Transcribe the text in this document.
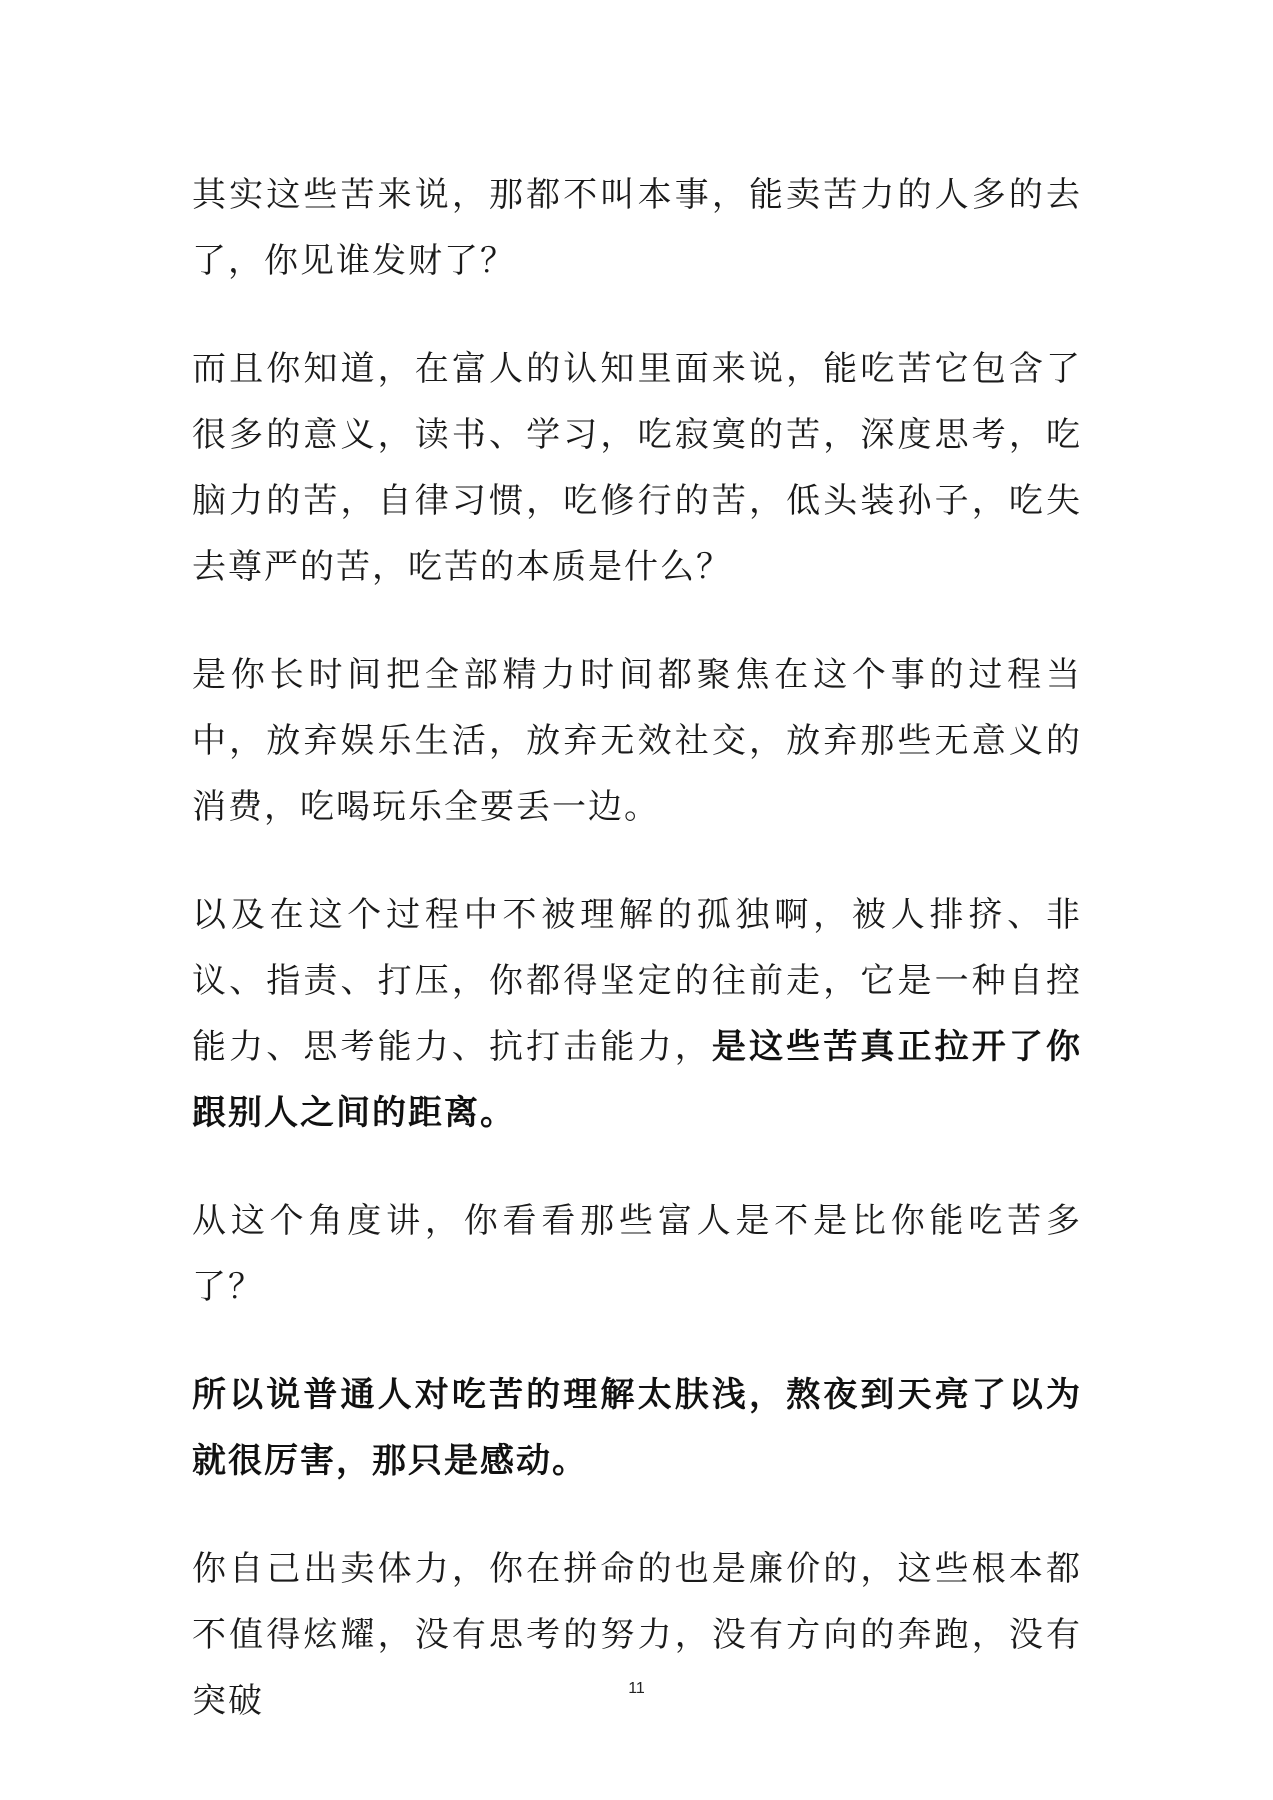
其实这些苦来说，那都不叫本事，能卖苦力的人多的去了，你见谁发财了？

而且你知道，在富人的认知里面来说，能吃苦它包含了很多的意义，读书、学习，吃寂寞的苦，深度思考，吃脑力的苦，自律习惯，吃修行的苦，低头装孙子，吃失去尊严的苦，吃苦的本质是什么？

是你长时间把全部精力时间都聚焦在这个事的过程当中，放弃娱乐生活，放弃无效社交，放弃那些无意义的消费，吃喝玩乐全要丢一边。

以及在这个过程中不被理解的孤独啊，被人排挤、非议、指责、打压，你都得坚定的往前走，它是一种自控能力、思考能力、抗打击能力，是这些苦真正拉开了你跟别人之间的距离。

从这个角度讲，你看看那些富人是不是比你能吃苦多了？

所以说普通人对吃苦的理解太肤浅，熬夜到天亮了以为就很厉害，那只是感动。

你自己出卖体力，你在拼命的也是廉价的，这些根本都不值得炫耀，没有思考的努力，没有方向的奔跑，没有突破	11
